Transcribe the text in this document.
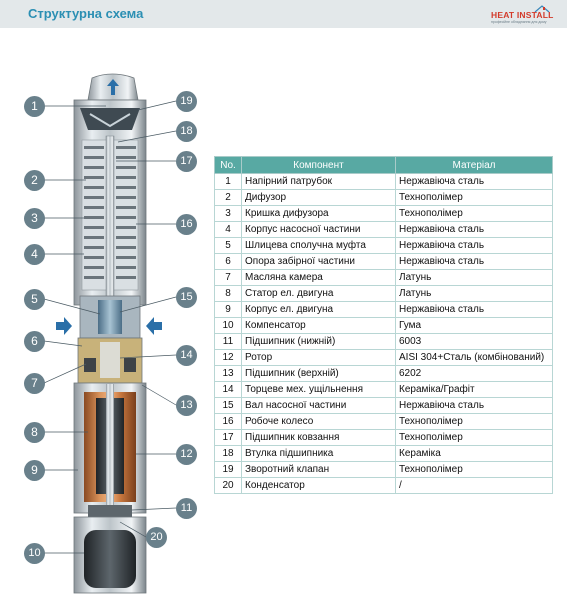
Структурна схема	HEAT INSTALL
професійне обладнання для дому
1
2
3
4
5
6
7
8
9
10
11
12
13
14
15
16
17
18
19
20
No.	Компонент	Матеріал
1	Напірний патрубок	Нержавіюча сталь
2	Дифузор	Технополімер
3	Кришка дифузора	Технополімер
4	Корпус насосної частини	Нержавіюча сталь
5	Шлицева сполучна муфта	Нержавіюча сталь
6	Опора забірної частини	Нержавіюча сталь
7	Масляна камера	Латунь
8	Статор ел. двигуна	Латунь
9	Корпус ел. двигуна	Нержавіюча сталь
10	Компенсатор	Гума
11	Підшипник (нижній)	6003
12	Ротор	AISI 304+Сталь (комбінований)
13	Підшипник (верхній)	6202
14	Торцеве мех. ущільнення	Кераміка/Графіт
15	Вал насосної частини	Нержавіюча сталь
16	Робоче колесо	Технополімер
17	Підшипник ковзання	Технополімер
18	Втулка підшипника	Кераміка
19	Зворотний клапан	Технополімер
20	Конденсатор	/
